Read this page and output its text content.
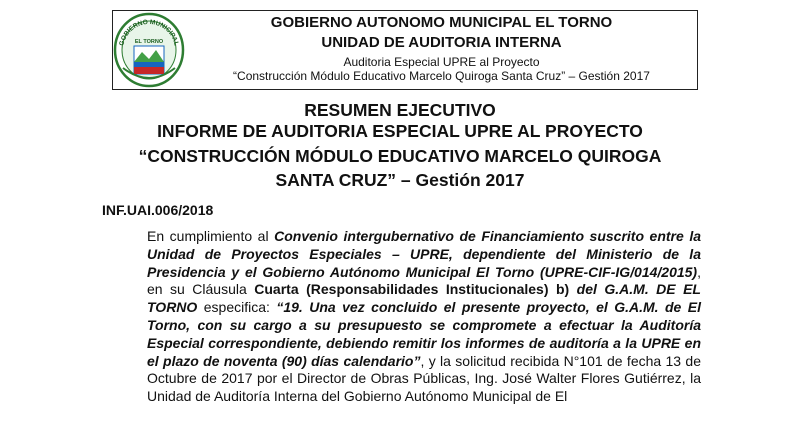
GOBIERNO MUNICIPAL
EL TORNO
GOBIERNO AUTONOMO MUNICIPAL EL TORNO
UNIDAD DE AUDITORIA INTERNA
Auditoria Especial UPRE al Proyecto
“Construcción Módulo Educativo Marcelo Quiroga Santa Cruz” – Gestión 2017
RESUMEN EJECUTIVO
INFORME DE AUDITORIA ESPECIAL UPRE AL PROYECTO
“CONSTRUCCIÓN MÓDULO EDUCATIVO MARCELO QUIROGA
SANTA CRUZ” – Gestión 2017
INF.UAI.006/2018

En cumplimiento al Convenio intergubernativo de Financiamiento suscrito entre la Unidad de Proyectos Especiales – UPRE, dependiente del Ministerio de la Presidencia y el Gobierno Autónomo Municipal El Torno (UPRE-CIF-IG/014/2015), en su Cláusula Cuarta (Responsabilidades Institucionales) b) del G.A.M. DE EL TORNO especifica: “19. Una vez concluido el presente proyecto, el G.A.M. de El Torno, con su cargo a su presupuesto se compromete a efectuar la Auditoría Especial correspondiente, debiendo remitir los informes de auditoría a la UPRE en el plazo de noventa (90) días calendario”, y la solicitud recibida N°101 de fecha 13 de Octubre de 2017 por el Director de Obras Públicas, Ing. José Walter Flores Gutiérrez, la Unidad de Auditoría Interna del Gobierno Autónomo Municipal de El
